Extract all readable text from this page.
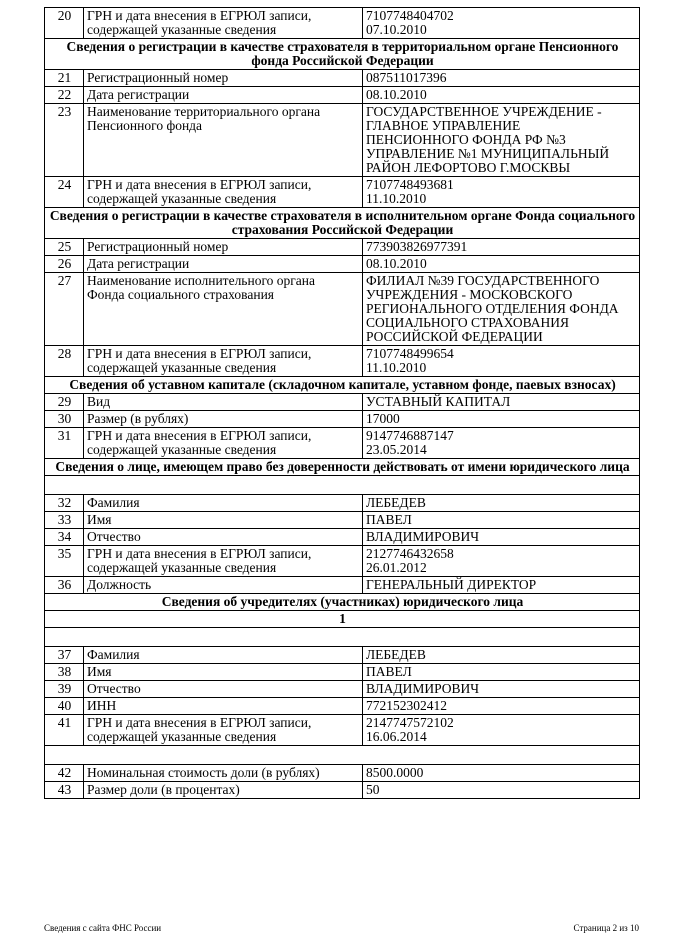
20	ГРН и дата внесения в ЕГРЮЛ записи,
содержащей указанные сведения	7107748404702
07.10.2010
Сведения о регистрации в качестве страхователя в территориальном органе Пенсионного фонда Российской Федерации		
21	Регистрационный номер	087511017396
22	Дата регистрации	08.10.2010
23	Наименование территориального органа
Пенсионного фонда	ГОСУДАРСТВЕННОЕ УЧРЕЖДЕНИЕ -
ГЛАВНОЕ УПРАВЛЕНИЕ
ПЕНСИОННОГО ФОНДА РФ №3
УПРАВЛЕНИЕ №1 МУНИЦИПАЛЬНЫЙ
РАЙОН ЛЕФОРТОВО Г.МОСКВЫ
24	ГРН и дата внесения в ЕГРЮЛ записи,
содержащей указанные сведения	7107748493681
11.10.2010
Сведения о регистрации в качестве страхователя в исполнительном органе Фонда социального страхования Российской Федерации		
25	Регистрационный номер	773903826977391
26	Дата регистрации	08.10.2010
27	Наименование исполнительного органа
Фонда социального страхования	ФИЛИАЛ №39 ГОСУДАРСТВЕННОГО
УЧРЕЖДЕНИЯ - МОСКОВСКОГО
РЕГИОНАЛЬНОГО ОТДЕЛЕНИЯ ФОНДА
СОЦИАЛЬНОГО СТРАХОВАНИЯ
РОССИЙСКОЙ ФЕДЕРАЦИИ
28	ГРН и дата внесения в ЕГРЮЛ записи,
содержащей указанные сведения	7107748499654
11.10.2010
Сведения об уставном капитале (складочном капитале, уставном фонде, паевых взносах)		
29	Вид	УСТАВНЫЙ КАПИТАЛ
30	Размер (в рублях)	17000
31	ГРН и дата внесения в ЕГРЮЛ записи,
содержащей указанные сведения	9147746887147
23.05.2014
Сведения о лице, имеющем право без доверенности действовать от имени юридического лица		

32	Фамилия	ЛЕБЕДЕВ
33	Имя	ПАВЕЛ
34	Отчество	ВЛАДИМИРОВИЧ
35	ГРН и дата внесения в ЕГРЮЛ записи,
содержащей указанные сведения	2127746432658
26.01.2012
36	Должность	ГЕНЕРАЛЬНЫЙ ДИРЕКТОР
Сведения об учредителях (участниках) юридического лица		
1		

37	Фамилия	ЛЕБЕДЕВ
38	Имя	ПАВЕЛ
39	Отчество	ВЛАДИМИРОВИЧ
40	ИНН	772152302412
41	ГРН и дата внесения в ЕГРЮЛ записи,
содержащей указанные сведения	2147747572102
16.06.2014

42	Номинальная стоимость доли (в рублях)	8500.0000
43	Размер доли (в процентах)	50
Сведения с сайта ФНС России	Страница 2 из 10
